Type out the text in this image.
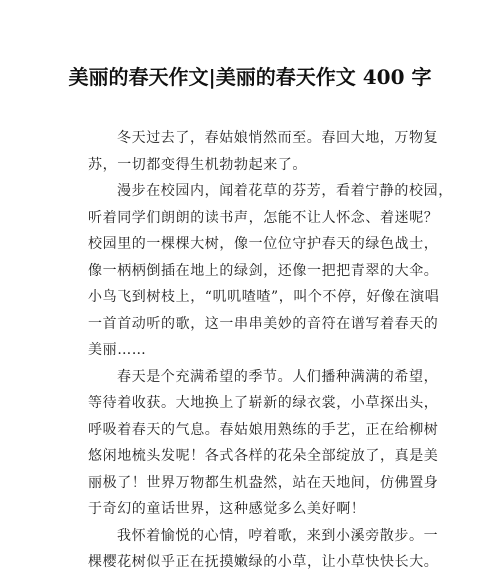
美丽的春天作文|美丽的春天作文 400 字
冬天过去了，春姑娘悄然而至。春回大地，万物复
苏，一切都变得生机勃勃起来了。
漫步在校园内，闻着花草的芬芳，看着宁静的校园，
听着同学们朗朗的读书声，怎能不让人怀念、着迷呢？
校园里的一棵棵大树，像一位位守护春天的绿色战士，
像一柄柄倒插在地上的绿剑，还像一把把青翠的大伞。
小鸟飞到树枝上，“叽叽喳喳”，叫个不停，好像在演唱
一首首动听的歌，这一串串美妙的音符在谱写着春天的
美丽……
春天是个充满希望的季节。人们播种满满的希望，
等待着收获。大地换上了崭新的绿衣裳，小草探出头，
呼吸着春天的气息。春姑娘用熟练的手艺，正在给柳树
悠闲地梳头发呢！各式各样的花朵全部绽放了，真是美
丽极了！世界万物都生机盎然，站在天地间，仿佛置身
于奇幻的童话世界，这种感觉多么美好啊！
我怀着愉悦的心情，哼着歌，来到小溪旁散步。一
棵樱花树似乎正在抚摸嫩绿的小草，让小草快快长大。
